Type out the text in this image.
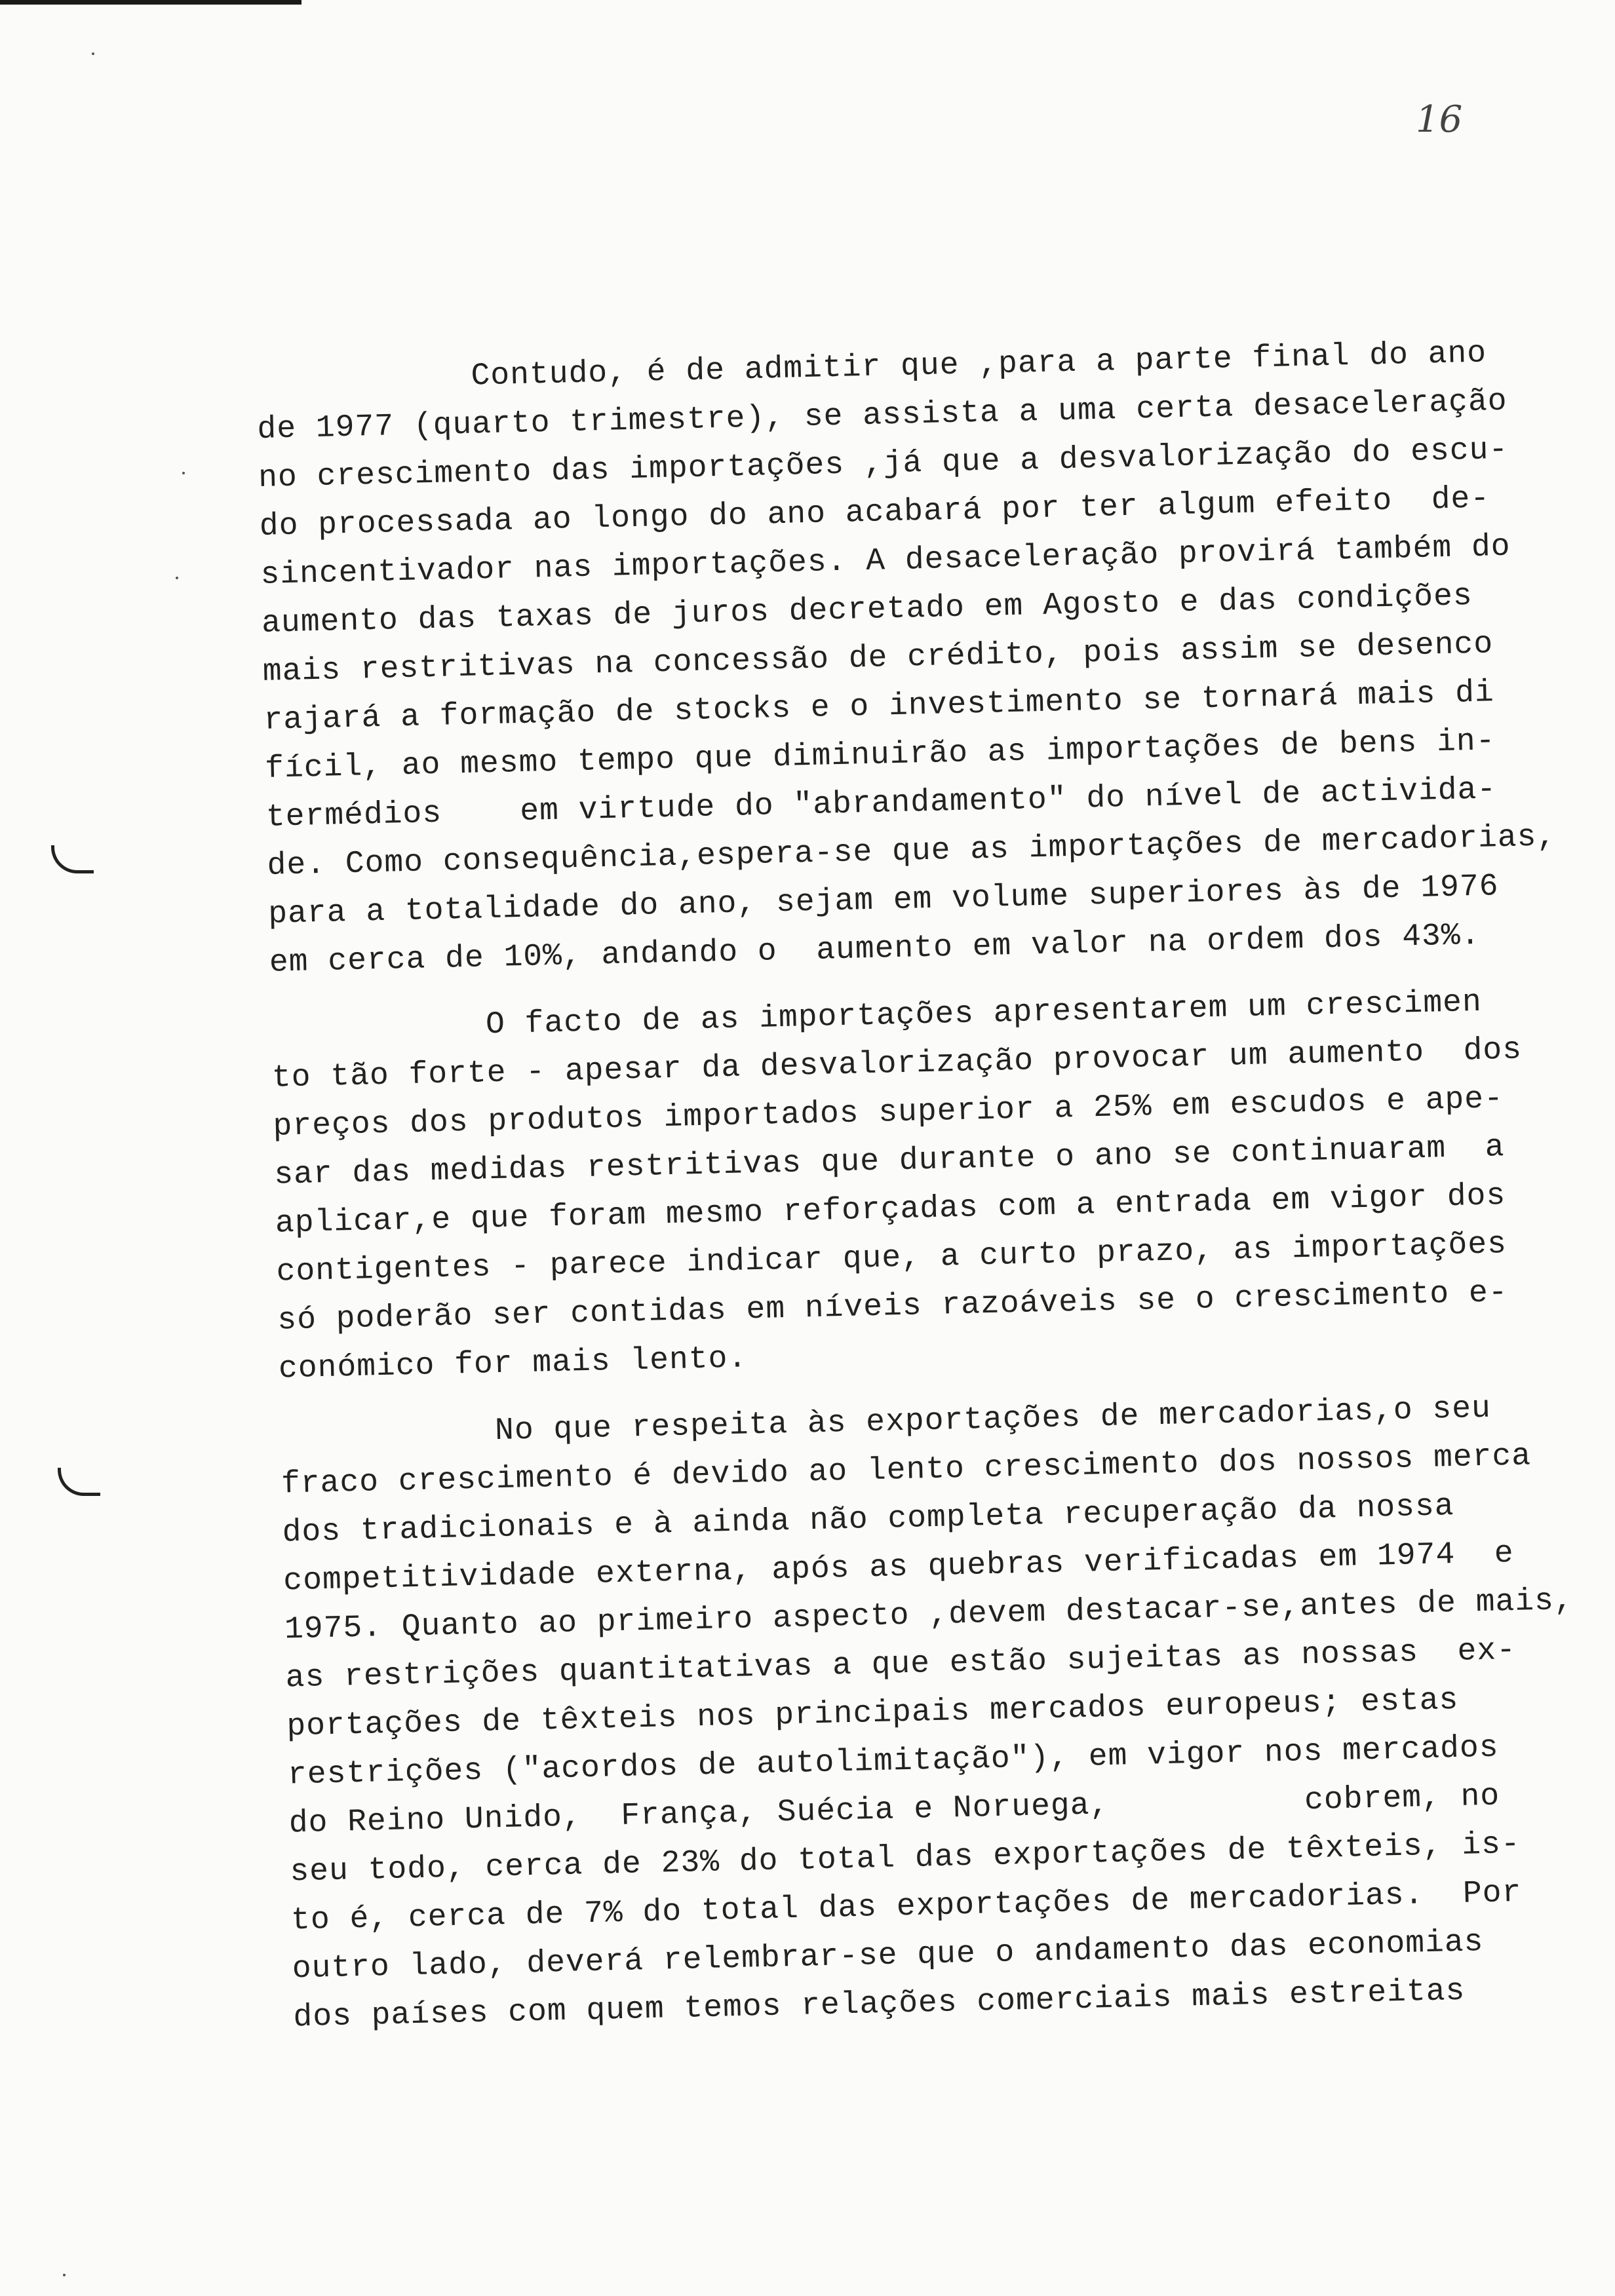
16
Contudo, é de admitir que ,para a parte final do ano
de 1977 (quarto trimestre), se assista a uma certa desaceleração
no crescimento das importações ,já que a desvalorização do escu-
do processada ao longo do ano acabará por ter algum efeito  de-
sincentivador nas importações. A desaceleração provirá também do
aumento das taxas de juros decretado em Agosto e das condições
mais restritivas na concessão de crédito, pois assim se desenco
rajará a formação de stocks e o investimento se tornará mais di
fícil, ao mesmo tempo que diminuirão as importações de bens in-
termédios    em virtude do "abrandamento" do nível de activida-
de. Como consequência,espera-se que as importações de mercadorias,
para a totalidade do ano, sejam em volume superiores às de 1976
em cerca de 10%, andando o  aumento em valor na ordem dos 43%.
O facto de as importações apresentarem um crescimen
to tão forte - apesar da desvalorização provocar um aumento  dos
preços dos produtos importados superior a 25% em escudos e ape-
sar das medidas restritivas que durante o ano se continuaram  a
aplicar,e que foram mesmo reforçadas com a entrada em vigor dos
contigentes - parece indicar que, a curto prazo, as importações
só poderão ser contidas em níveis razoáveis se o crescimento e-
conómico for mais lento.
No que respeita às exportações de mercadorias,o seu
fraco crescimento é devido ao lento crescimento dos nossos merca
dos tradicionais e à ainda não completa recuperação da nossa
competitividade externa, após as quebras verificadas em 1974  e
1975. Quanto ao primeiro aspecto ,devem destacar-se,antes de mais,
as restrições quantitativas a que estão sujeitas as nossas  ex-
portações de têxteis nos principais mercados europeus; estas
restrições ("acordos de autolimitação"), em vigor nos mercados
do Reino Unido,  França, Suécia e Noruega,          cobrem, no
seu todo, cerca de 23% do total das exportações de têxteis, is-
to é, cerca de 7% do total das exportações de mercadorias.  Por
outro lado, deverá relembrar-se que o andamento das economias
dos países com quem temos relações comerciais mais estreitas
